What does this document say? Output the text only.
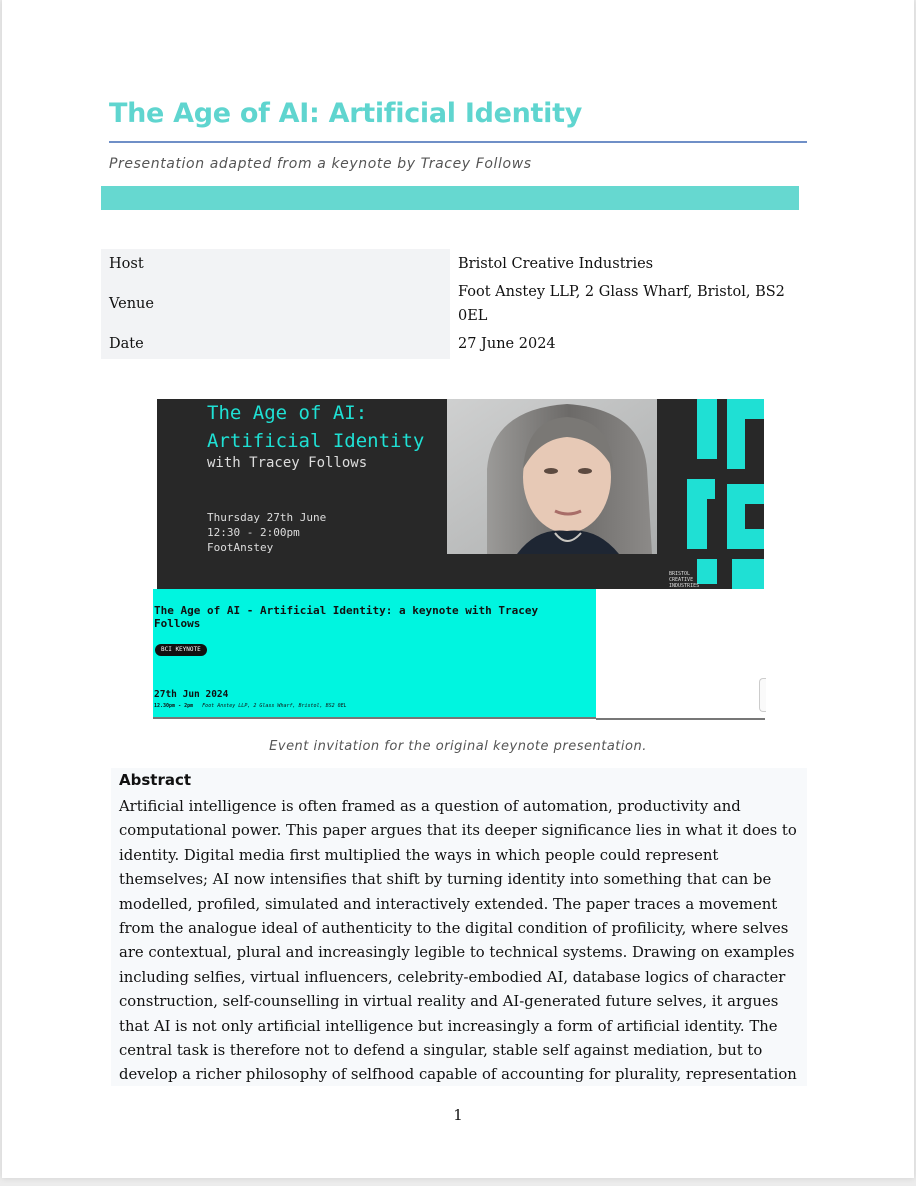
The Age of AI: Artificial Identity
Presentation adapted from a keynote by Tracey Follows
Host	Bristol Creative Industries
Venue	Foot Anstey LLP, 2 Glass Wharf, Bristol, BS2 0EL
Date	27 June 2024
The Age of AI:
Artificial Identity
with Tracey Follows
Thursday 27th June
12:30 - 2:00pm
FootAnstey
BRISTOL
CREATIVE
INDUSTRIES
The Age of AI - Artificial Identity: a keynote with Tracey Follows
BCI KEYNOTE
27th Jun 2024
12.30pm - 2pm Foot Anstey LLP, 2 Glass Wharf, Bristol, BS2 0EL
Event invitation for the original keynote presentation.
Abstract

Artificial intelligence is often framed as a question of automation, productivity and computational power. This paper argues that its deeper significance lies in what it does to identity. Digital media first multiplied the ways in which people could represent themselves; AI now intensifies that shift by turning identity into something that can be modelled, profiled, simulated and interactively extended. The paper traces a movement from the analogue ideal of authenticity to the digital condition of profilicity, where selves are contextual, plural and increasingly legible to technical systems. Drawing on examples including selfies, virtual influencers, celebrity-embodied AI, database logics of character construction, self-counselling in virtual reality and AI-generated future selves, it argues that AI is not only artificial intelligence but increasingly a form of artificial identity. The central task is therefore not to defend a singular, stable self against mediation, but to develop a richer philosophy of selfhood capable of accounting for plurality, representation

1
